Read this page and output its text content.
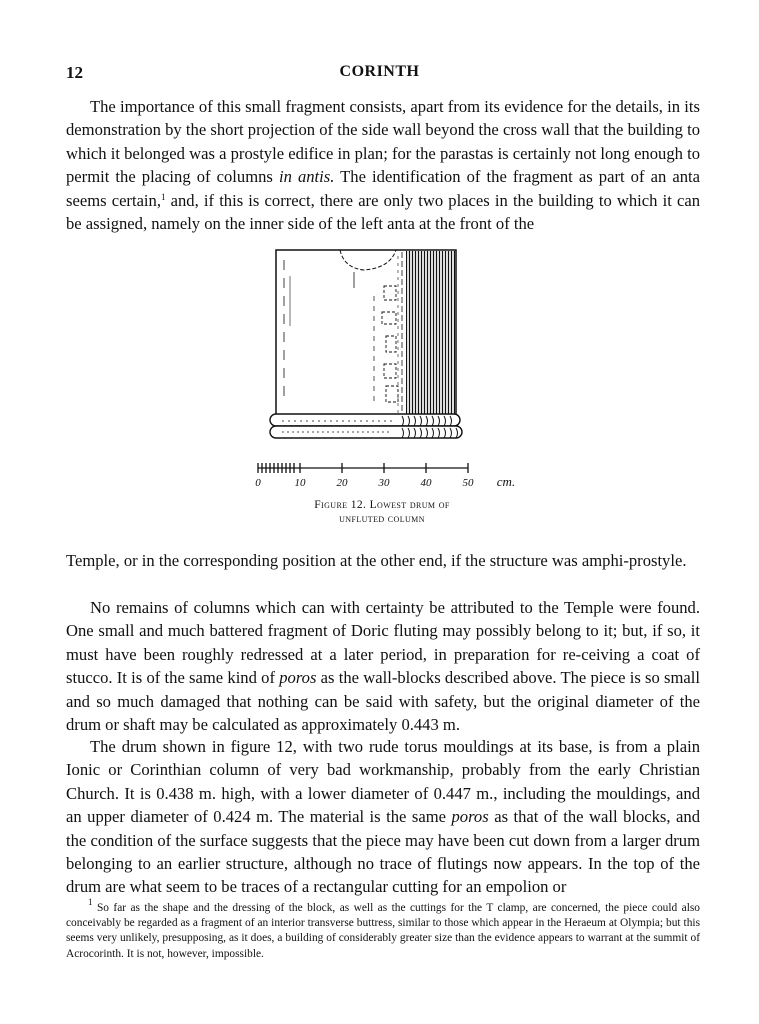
12	CORINTH

The importance of this small fragment consists, apart from its evidence for the details, in its demonstration by the short projection of the side wall beyond the cross wall that the building to which it belonged was a prostyle edifice in plan; for the parastas is certainly not long enough to permit the placing of columns in antis. The identification of the fragment as part of an anta seems certain,$^1$ and, if this is correct, there are only two places in the building to which it can be assigned, namely on the inner side of the left anta at the front of the

0	10	20	30	40	50 cm.
Figure 12. Lowest drum of
unfluted column

Temple, or in the corresponding position at the other end, if the structure was amphi-prostyle.

No remains of columns which can with certainty be attributed to the Temple were found. One small and much battered fragment of Doric fluting may possibly belong to it; but, if so, it must have been roughly redressed at a later period, in preparation for re-ceiving a coat of stucco. It is of the same kind of poros as the wall-blocks described above. The piece is so small and so much damaged that nothing can be said with safety, but the original diameter of the drum or shaft may be calculated as approximately 0.443 m.

The drum shown in figure 12, with two rude torus mouldings at its base, is from a plain Ionic or Corinthian column of very bad workmanship, probably from the early Christian Church. It is 0.438 m. high, with a lower diameter of 0.447 m., including the mouldings, and an upper diameter of 0.424 m. The material is the same poros as that of the wall blocks, and the condition of the surface suggests that the piece may have been cut down from a larger drum belonging to an earlier structure, although no trace of flutings now appears. In the top of the drum are what seem to be traces of a rectangular cutting for an empolion or

$^1$ So far as the shape and the dressing of the block, as well as the cuttings for the T clamp, are concerned, the piece could also conceivably be regarded as a fragment of an interior transverse buttress, similar to those which appear in the Heraeum at Olympia; but this seems very unlikely, presupposing, as it does, a building of considerably greater size than the evidence appears to warrant at the summit of Acrocorinth. It is not, however, impossible.
